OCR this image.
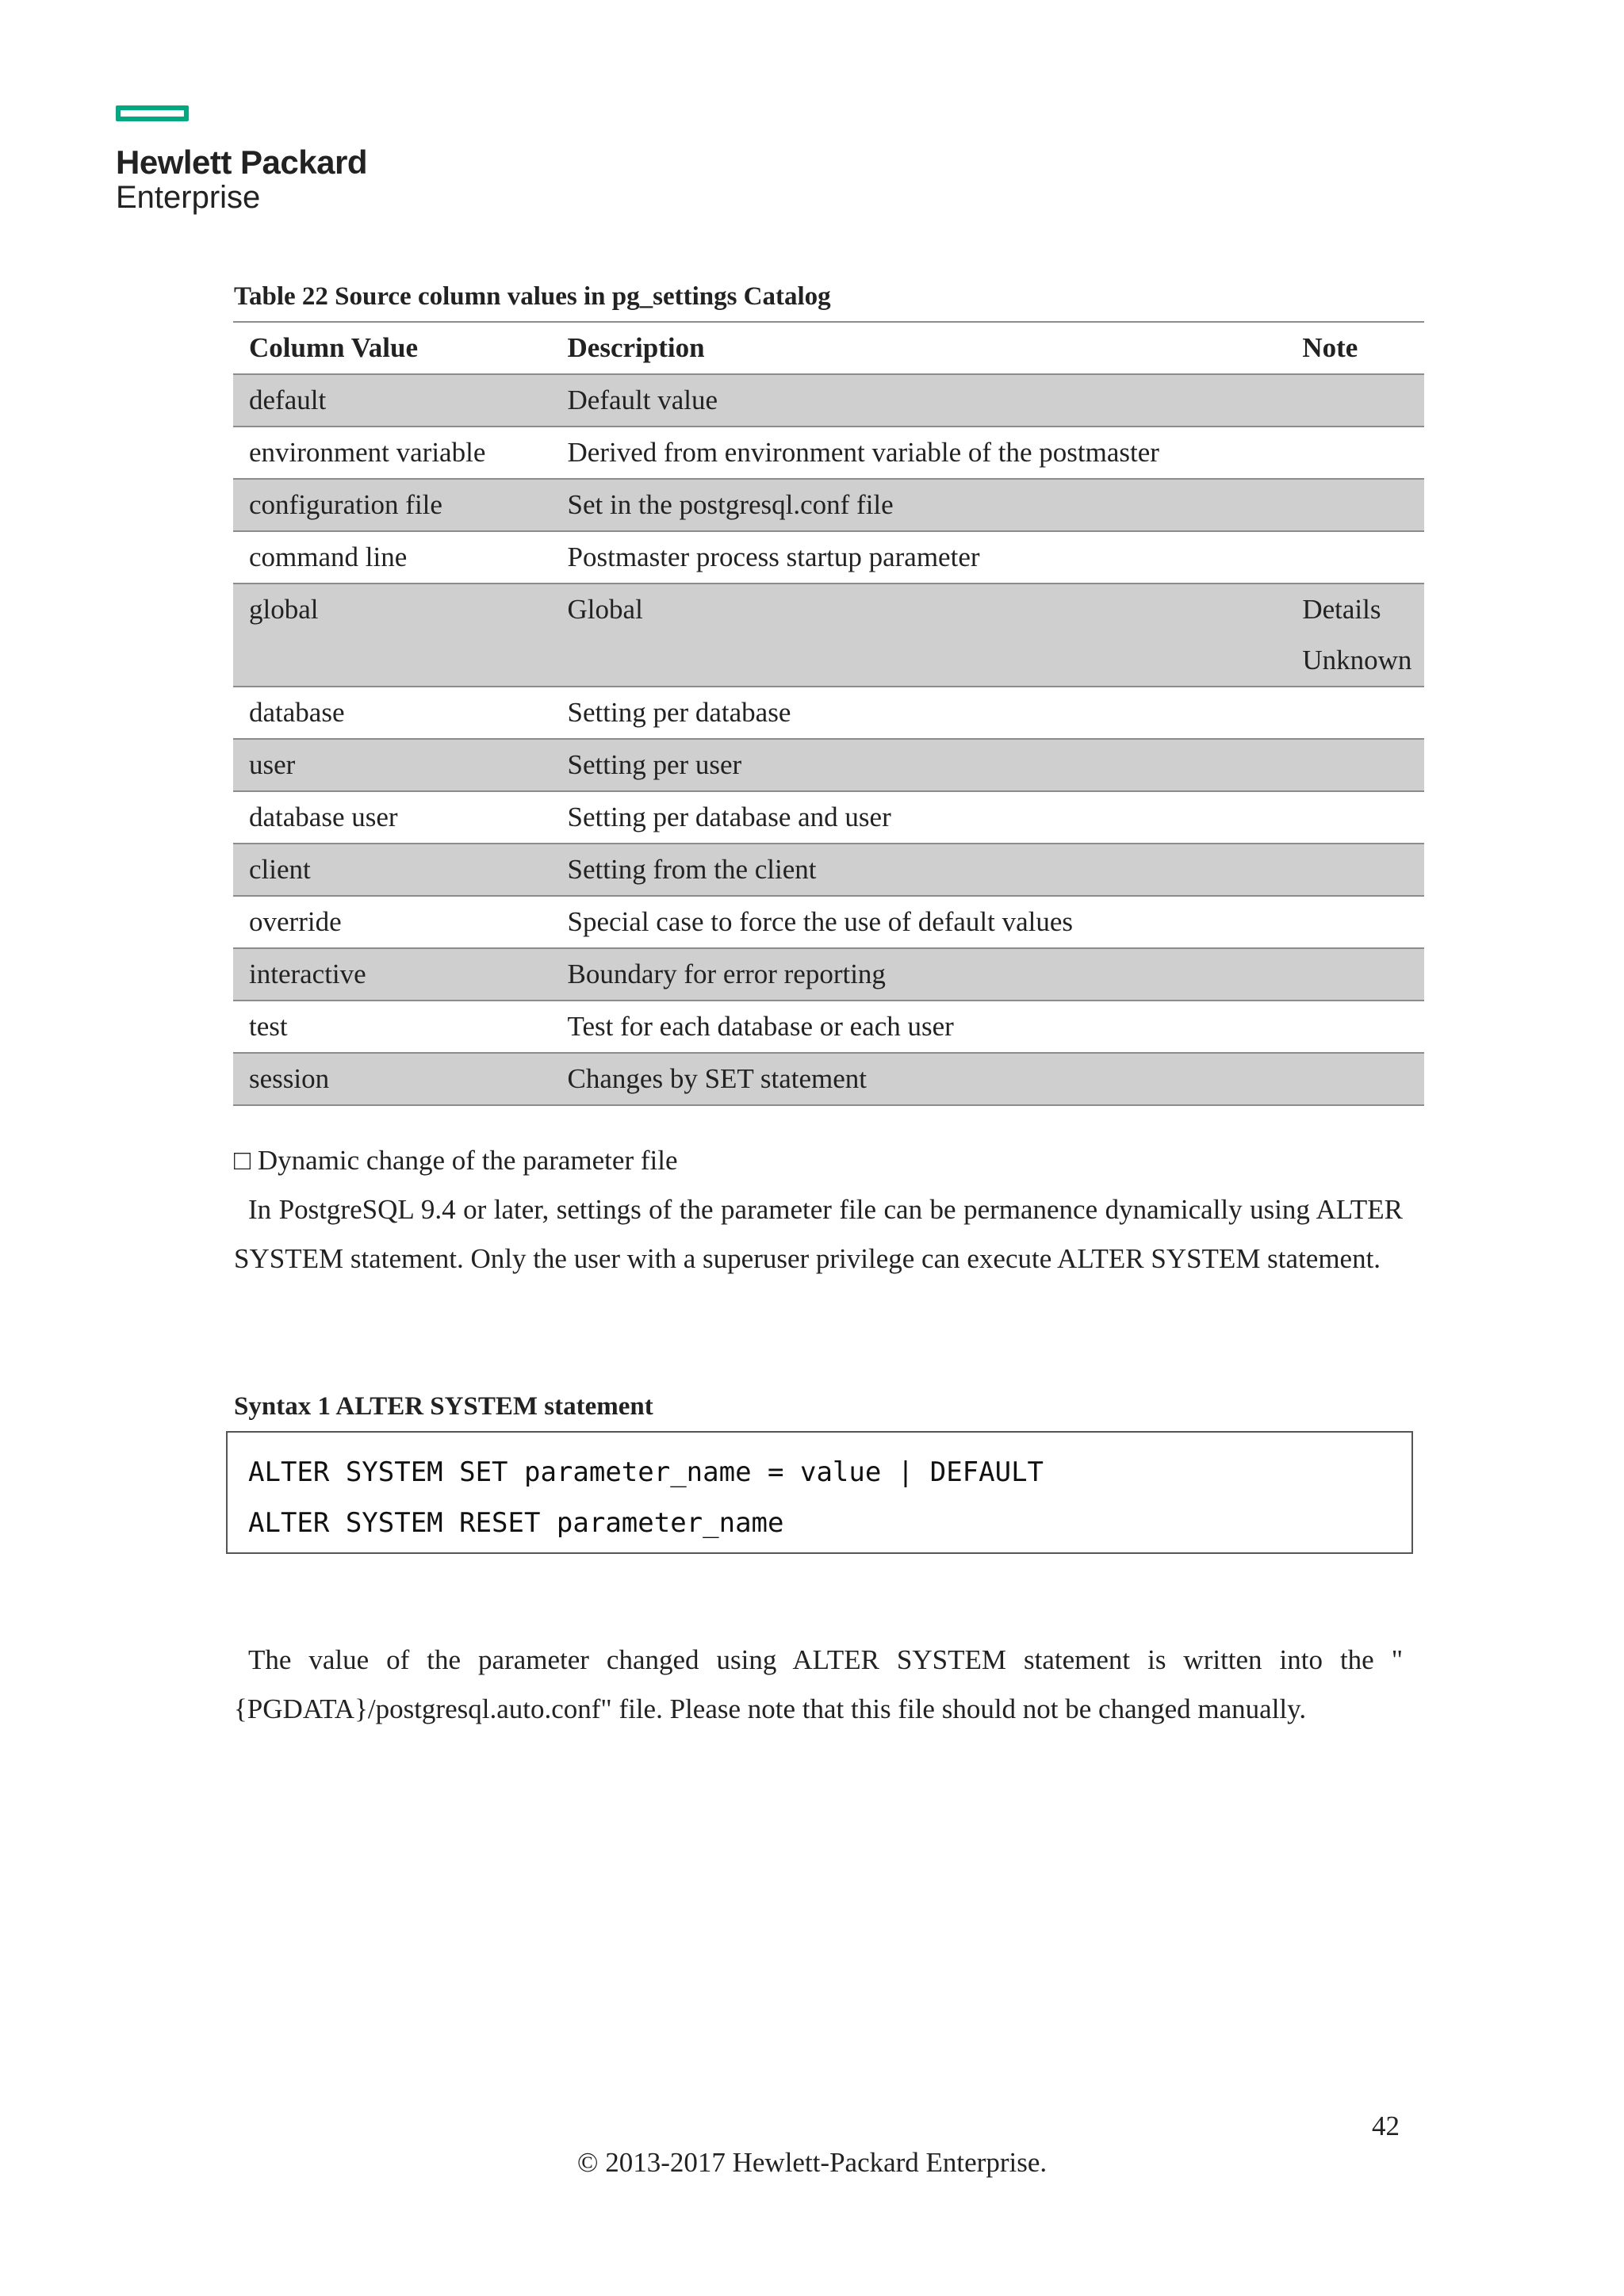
Hewlett Packard
Enterprise
Table 22 Source column values in pg_settings Catalog
Column Value	Description	Note
default	Default value	
environment variable	Derived from environment variable of the postmaster	
configuration file	Set in the postgresql.conf file	
command line	Postmaster process startup parameter	
global	Global	Details Unknown
database	Setting per database	
user	Setting per user	
database user	Setting per database and user	
client	Setting from the client	
override	Special case to force the use of default values	
interactive	Boundary for error reporting	
test	Test for each database or each user	
session	Changes by SET statement	
□ Dynamic change of the parameter file
In PostgreSQL 9.4 or later, settings of the parameter file can be permanence dynamically using ALTER SYSTEM statement. Only the user with a superuser privilege can execute ALTER SYSTEM statement.
Syntax 1 ALTER SYSTEM statement
ALTER SYSTEM SET parameter_name = value | DEFAULT
ALTER SYSTEM RESET parameter_name
The value of the parameter changed using ALTER SYSTEM statement is written into the "{PGDATA}/postgresql.auto.conf" file. Please note that this file should not be changed manually.
42
© 2013-2017 Hewlett-Packard Enterprise.
